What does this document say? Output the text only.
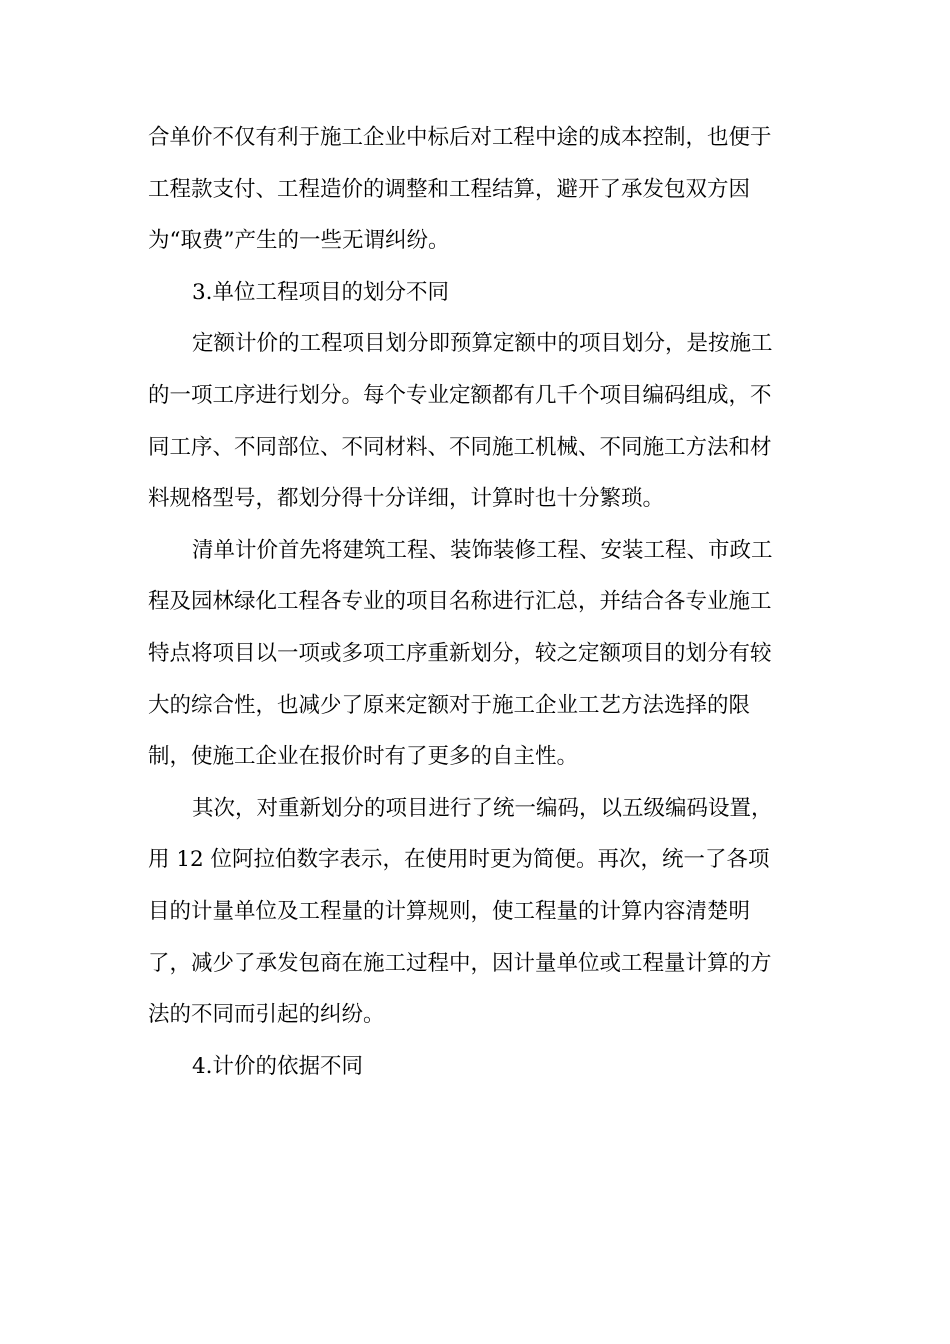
合单价不仅有利于施工企业中标后对工程中途的成本控制，也便于

工程款支付、工程造价的调整和工程结算，避开了承发包双方因

为“取费”产生的一些无谓纠纷。

3.单位工程项目的划分不同

定额计价的工程项目划分即预算定额中的项目划分，是按施工

的一项工序进行划分。每个专业定额都有几千个项目编码组成，不

同工序、不同部位、不同材料、不同施工机械、不同施工方法和材

料规格型号，都划分得十分详细，计算时也十分繁琐。

清单计价首先将建筑工程、装饰装修工程、安装工程、市政工

程及园林绿化工程各专业的项目名称进行汇总，并结合各专业施工

特点将项目以一项或多项工序重新划分，较之定额项目的划分有较

大的综合性，也减少了原来定额对于施工企业工艺方法选择的限

制，使施工企业在报价时有了更多的自主性。

其次，对重新划分的项目进行了统一编码，以五级编码设置，

用 12 位阿拉伯数字表示，在使用时更为简便。再次，统一了各项

目的计量单位及工程量的计算规则，使工程量的计算内容清楚明

了，减少了承发包商在施工过程中，因计量单位或工程量计算的方

法的不同而引起的纠纷。

4.计价的依据不同
